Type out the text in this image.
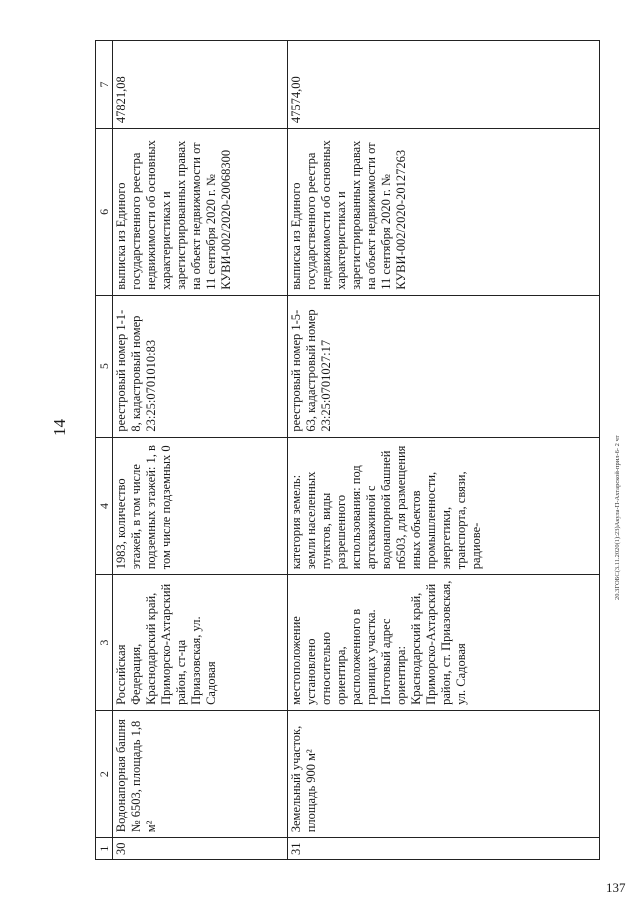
14
20.3ГОБС(3.11.2020(1):23)Акула-П-Ахтарской-прил-6- 2 чт
137
1	2	3	4	5	6	7
30	Водонапорная башня № 6503, площадь 1,8 м²	Российская Федерация, Краснодарский край, Приморско-Ахтарский район, ст-ца Приазовская, ул. Садовая	1983, количество этажей, в том числе подземных этажей: 1, в том числе подземных 0	реестровый номер 1-1-8, кадастровый номер 23:25:0701010:83	выписка из Единого государственного реестра недвижимости об основных характеристиках и зарегистрированных правах на объект недвижимости от 11 сентября 2020 г. № КУВИ-002/2020-20068300	47821,08
31	Земельный участок, площадь 900 м²	местоположение установлено относительно ориентира, расположенного в границах участка. Почтовый адрес ориентира: Краснодарский край, Приморско-Ахтарский район, ст. Приазовская, ул. Садовая	категория земель: земли населенных пунктов, виды разрешенного использования: под артскважиной с водонапорной башней п6503, для размещения иных объектов промышленности, энергетики, транспорта, связи, радиове-	реестровый номер 1-5-63, кадастровый номер 23:25:0701027:17	выписка из Единого государственного реестра недвижимости об основных характеристиках и зарегистрированных правах на объект недвижимости от 11 сентября 2020 г. № КУВИ-002/2020-20127263	47574,00
